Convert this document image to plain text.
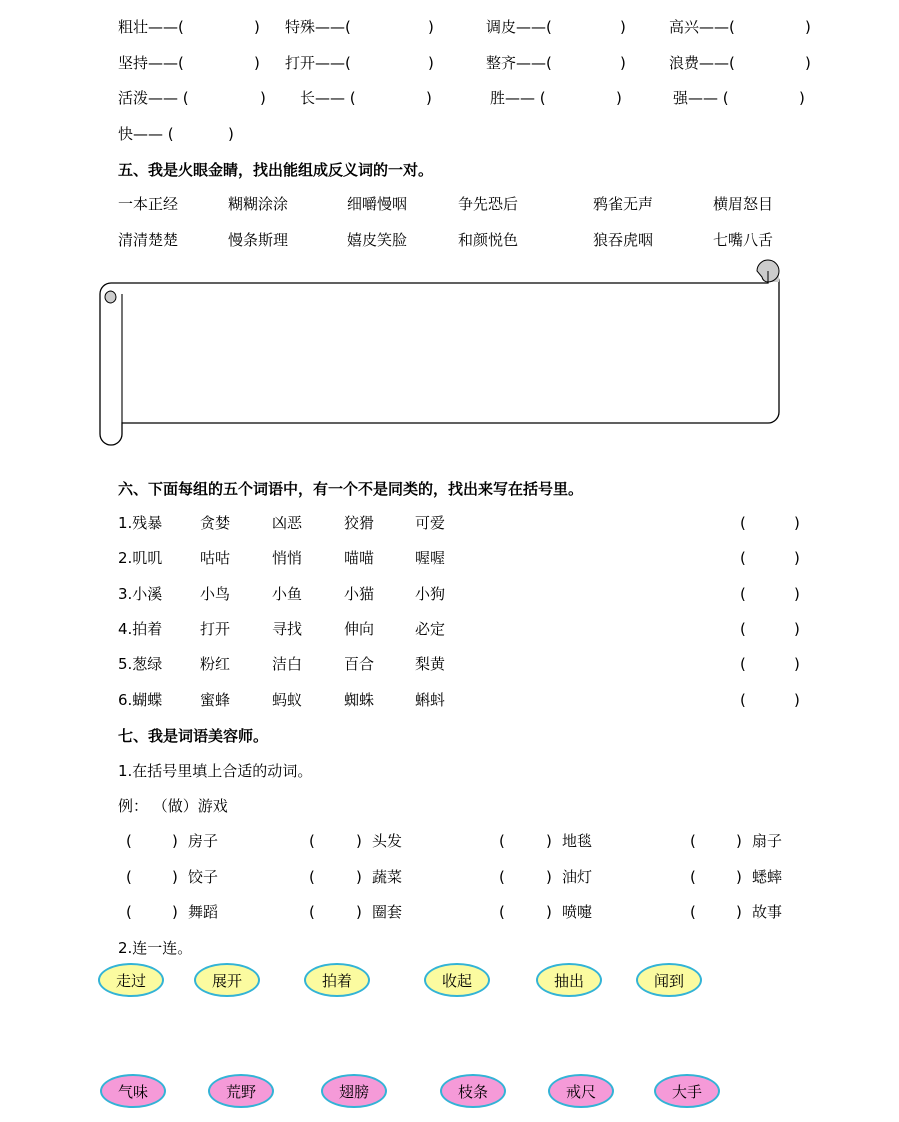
粗壮——(	) 特殊——(	)	调皮——(	)	高兴——(	)
坚持——(	) 打开——(	)	整齐——(	)	浪费——(	)
活泼—— (	) 长—— (	)	胜—— (	)	强—— (	)
快—— (	)
五、我是火眼金睛，找出能组成反义词的一对。
一本正经	糊糊涂涂	细嚼慢咽	争先恐后	鸦雀无声	横眉怒目
清清楚楚	慢条斯理	嬉皮笑脸	和颜悦色	狼吞虎咽	七嘴八舌
六、下面每组的五个词语中，有一个不是同类的，找出来写在括号里。
1.残暴	贪婪	凶恶	狡猾	可爱	(	)
2.叽叽	咕咕	悄悄	喵喵	喔喔	(	)
3.小溪	小鸟	小鱼	小猫	小狗	(	)
4.拍着	打开	寻找	伸向	必定	(	)
5.葱绿	粉红	洁白	百合	梨黄	(	)
6.蝴蝶	蜜蜂	蚂蚁	蜘蛛	蝌蚪	(	)
七、我是词语美容师。
1.在括号里填上合适的动词。
例： （做）游戏
(	) 房子	(	) 头发	(	) 地毯	(	) 扇子
(	) 饺子	(	) 蔬菜	(	) 油灯	(	) 蟋蟀
(	) 舞蹈	(	) 圈套	(	) 喷嚏	(	) 故事
2.连一连。
走过	展开	拍着	收起	抽出	闻到
气味	荒野	翅膀	枝条	戒尺	大手
